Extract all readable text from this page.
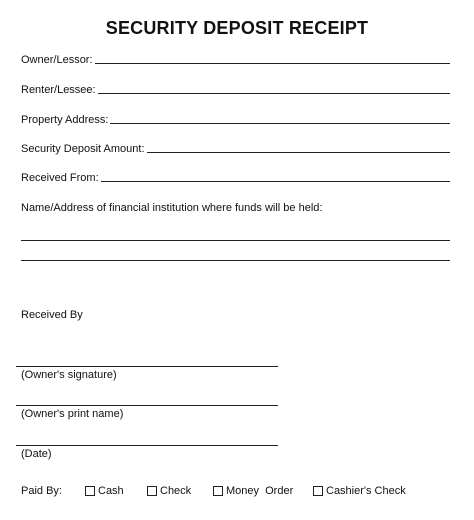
SECURITY DEPOSIT RECEIPT
Owner/Lessor:
Renter/Lessee:
Property Address:
Security Deposit Amount:
Received From:
Name/Address of financial institution where funds will be held:
Received By
(Owner's signature)
(Owner's print name)
(Date)
Paid By:	Cash	Check	Money  Order	Cashier's Check
